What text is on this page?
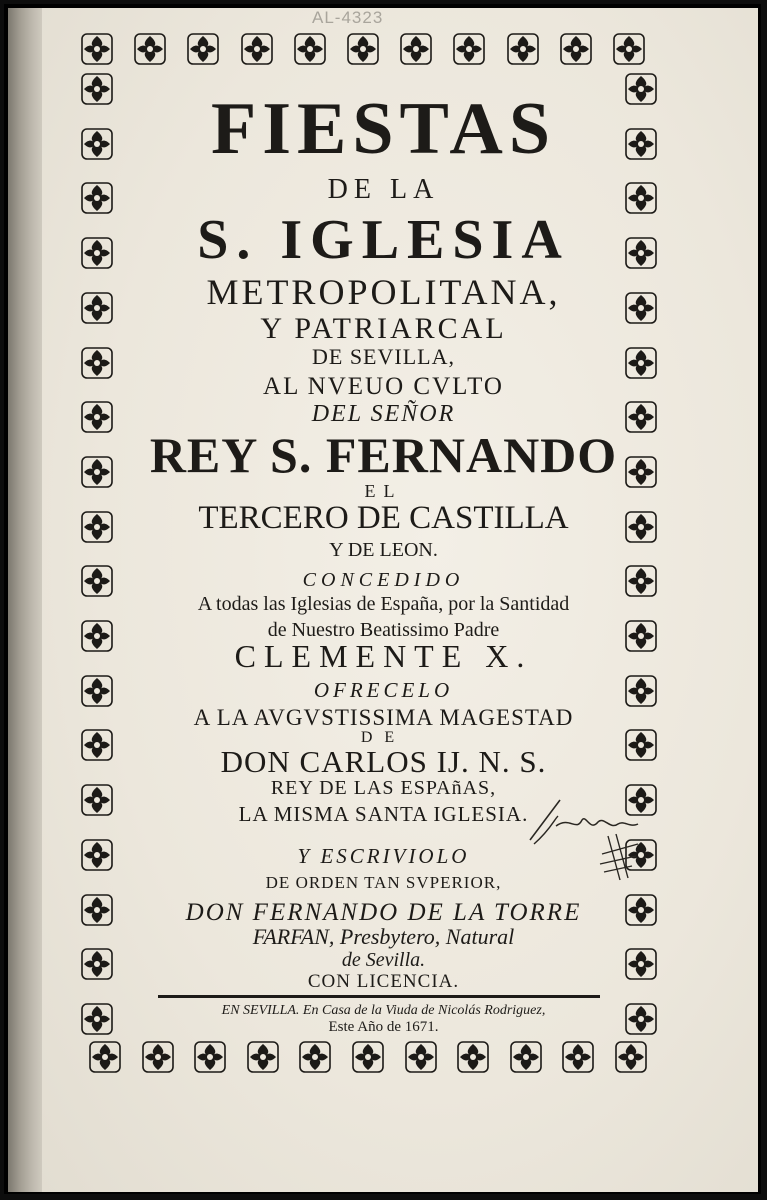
AL-4323
FIESTAS
DE LA
S. IGLESIA
METROPOLITANA,
Y PATRIARCAL
DE SEVILLA,
AL NVEUO CVLTO
DEL SEÑOR
REY S. FERNANDO
EL
TERCERO DE CASTILLA
Y DE LEON.
CONCEDIDO
A todas las Iglesias de España, por la Santidad
de Nuestro Beatissimo Padre
CLEMENTE X.
OFRECELO
A LA AVGVSTISSIMA MAGESTAD
DE
DON CARLOS IJ. N. S.
REY DE LAS ESPAñAS,
LA MISMA SANTA IGLESIA.
Y ESCRIVIOLO
DE ORDEN TAN SVPERIOR,
DON FERNANDO DE LA TORRE
FARFAN, Presbytero, Natural
de Sevilla.
CON LICENCIA.
EN SEVILLA. En Casa de la Viuda de Nicolás Rodriguez,
Este Año de 1671.
